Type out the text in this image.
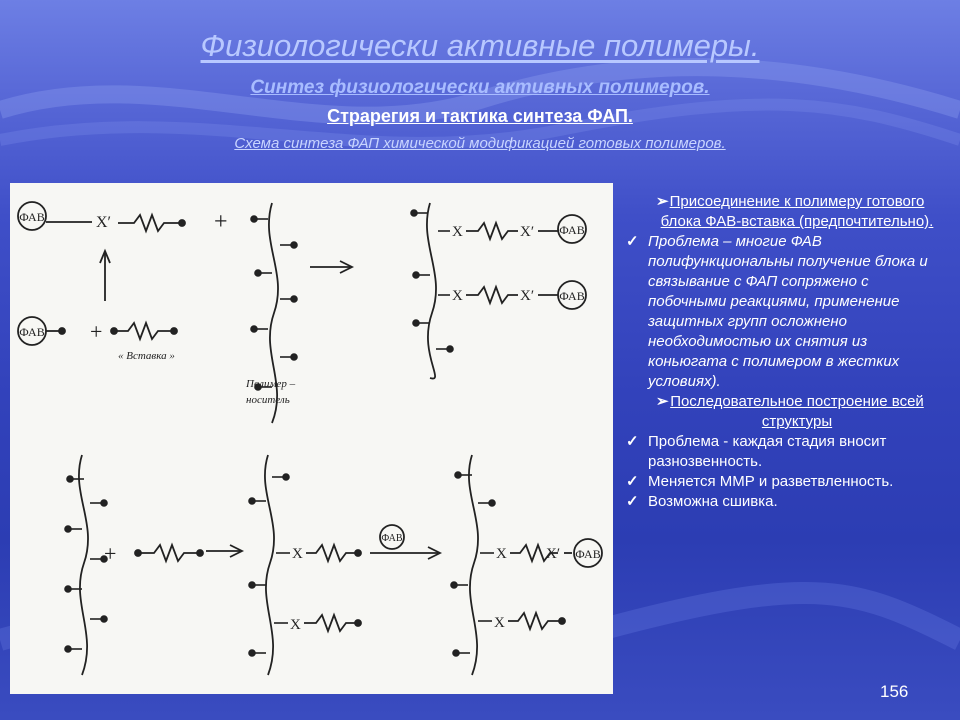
Физиологически активные полимеры.
Синтез физиологически активных полимеров.
Страрегия и тактика синтеза ФАП.
Схема синтеза ФАП химической модификацией готовых полимеров.
ФАВ	X′	+
ФАВ +
« Вставка »
Полимер –
носитель
X	X′ ФАВ
X	X′ ФАВ
+	X
X
ФАВ
X	X′ ФАВ
X

➢ Присоединение к полимеру готового блока ФАВ-вставка (предпочтительно).

✓ Проблема – многие ФАВ полифункциональны получение блока и связывание с ФАП сопряжено с побочными реакциями, применение защитных групп осложнено необходимостью их снятия из коньюгата с полимером в жестких условиях).

➢ Последовательное построение всей структуры

✓ Проблема - каждая стадия вносит разнозвенность.

✓ Меняется ММР и разветвленность.

✓ Возможна сшивка.

156
